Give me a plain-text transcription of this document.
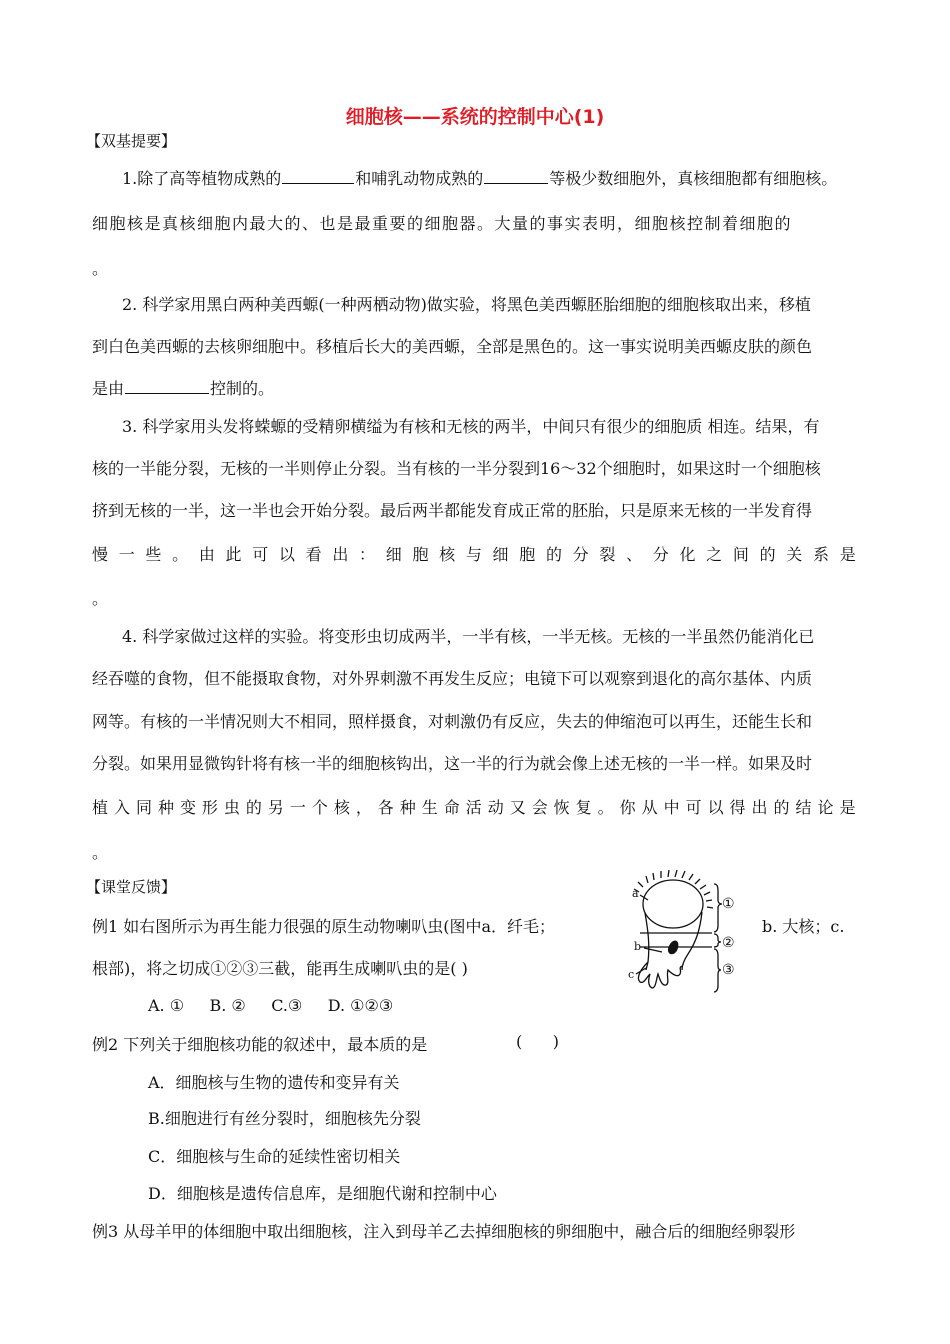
细胞核——系统的控制中心(1)
【双基提要】
1.除了高等植物成熟的	和哺乳动物成熟的	等极少数细胞外，真核细胞都有细胞核。
细胞核是真核细胞内最大的、也是最重要的细胞器。大量的事实表明，细胞核控制着细胞的
。
2. 科学家用黑白两种美西螈(一种两栖动物)做实验，将黑色美西螈胚胎细胞的细胞核取出来，移植
到白色美西螈的去核卵细胞中。移植后长大的美西螈，全部是黑色的。这一事实说明美西螈皮肤的颜色
是由	控制的。
3. 科学家用头发将蝾螈的受精卵横缢为有核和无核的两半，中间只有很少的细胞质 相连。结果，有
核的一半能分裂，无核的一半则停止分裂。当有核的一半分裂到16～32个细胞时，如果这时一个细胞核
挤到无核的一半，这一半也会开始分裂。最后两半都能发育成正常的胚胎，只是原来无核的一半发育得
慢 一 些 。 由 此 可 以 看 出 ： 细 胞 核 与 细 胞 的 分 裂 、 分 化 之 间 的 关 系 是
。
4. 科学家做过这样的实验。将变形虫切成两半，一半有核，一半无核。无核的一半虽然仍能消化已
经吞噬的食物，但不能摄取食物，对外界刺激不再发生反应；电镜下可以观察到退化的高尔基体、内质
网等。有核的一半情况则大不相同，照样摄食，对刺激仍有反应，失去的伸缩泡可以再生，还能生长和
分裂。如果用显微钩针将有核一半的细胞核钩出，这一半的行为就会像上述无核的一半一样。如果及时
植 入 同 种 变 形 虫 的 另 一 个 核 ， 各 种 生 命 活 动 又 会 恢 复 。 你 从 中 可 以 得 出 的 结 论 是
。
【课堂反馈】
例1 如右图所示为再生能力很强的原生动物喇叭虫(图中a．纤毛；	b. 大核；c.
根部)，将之切成①②③三截，能再生成喇叭虫的是( )
A. ①     B. ②     C.③     D. ①②③
a
b
c
①
②
③
例2 下列关于细胞核功能的叙述中，最本质的是	(      )
A．细胞核与生物的遗传和变异有关
B.细胞进行有丝分裂时，细胞核先分裂
C．细胞核与生命的延续性密切相关
D．细胞核是遗传信息库，是细胞代谢和控制中心
例3 从母羊甲的体细胞中取出细胞核，注入到母羊乙去掉细胞核的卵细胞中，融合后的细胞经卵裂形
